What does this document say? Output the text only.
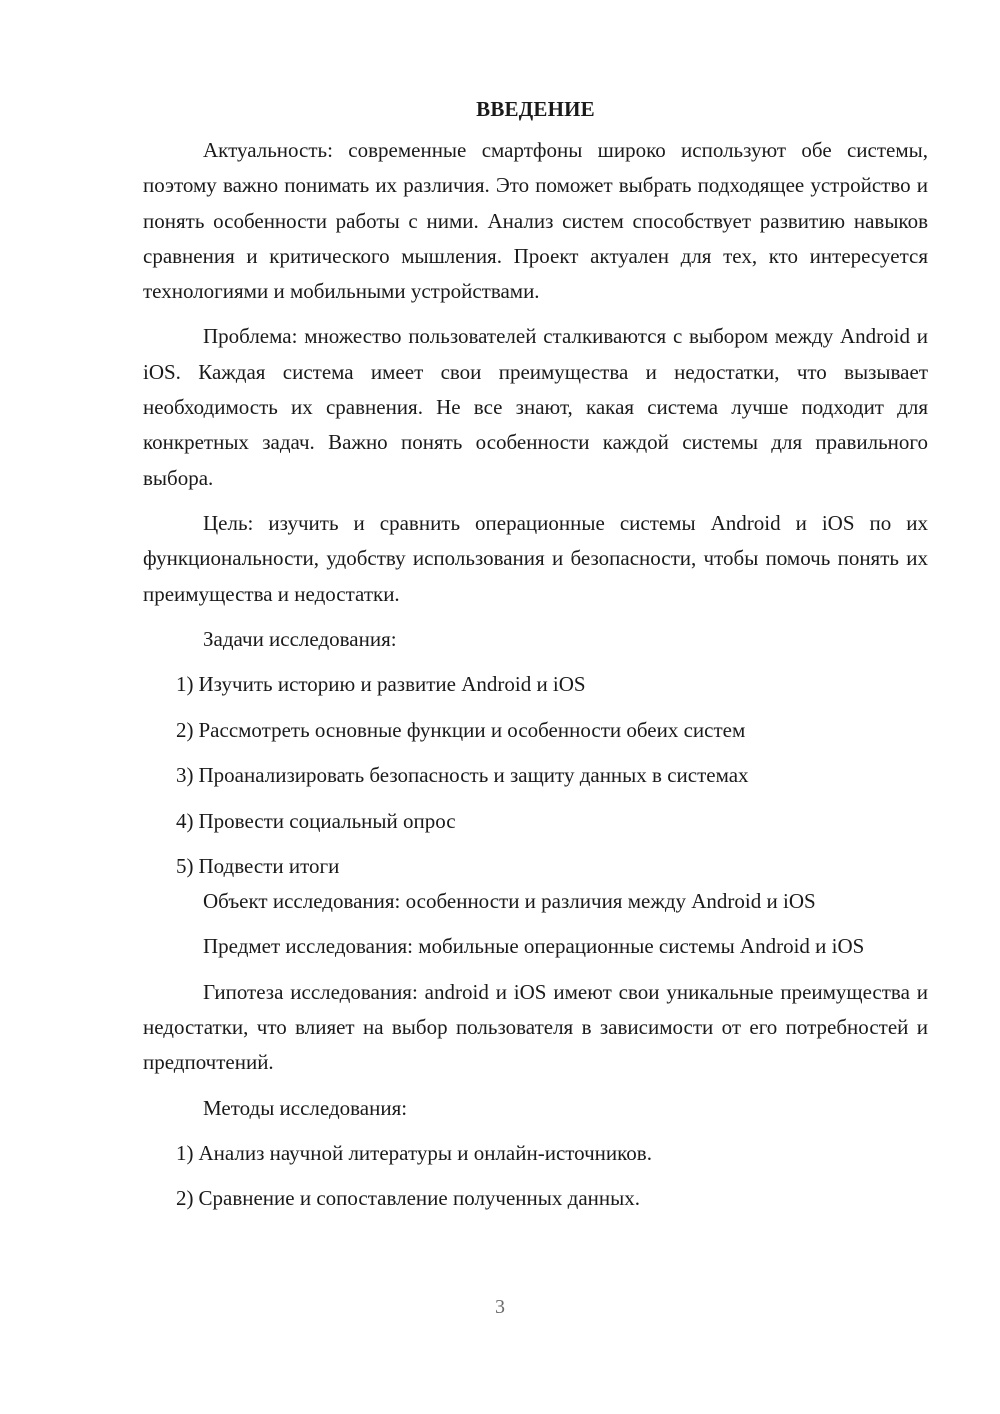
ВВЕДЕНИЕ

Актуальность: современные смартфоны широко используют обе системы, поэтому важно понимать их различия. Это поможет выбрать подходящее устройство и понять особенности работы с ними. Анализ систем способствует развитию навыков сравнения и критического мышления. Проект актуален для тех, кто интересуется технологиями и мобильными устройствами.

Проблема: множество пользователей сталкиваются с выбором между Android и iOS. Каждая система имеет свои преимущества и недостатки, что вызывает необходимость их сравнения. Не все знают, какая система лучше подходит для конкретных задач. Важно понять особенности каждой системы для правильного выбора.

Цель: изучить и сравнить операционные системы Android и iOS по их функциональности, удобству использования и безопасности, чтобы помочь понять их преимущества и недостатки.

Задачи исследования:

1) Изучить историю и развитие Android и iOS
2) Рассмотреть основные функции и особенности обеих систем
3) Проанализировать безопасность и защиту данных в системах
4) Провести социальный опрос
5) Подвести итоги

Объект исследования: особенности и различия между Android и iOS

Предмет исследования: мобильные операционные системы Android и iOS

Гипотеза исследования: android и iOS имеют свои уникальные преимущества и недостатки, что влияет на выбор пользователя в зависимости от его потребностей и предпочтений.

Методы исследования:

1) Анализ научной литературы и онлайн-источников.
2) Сравнение и сопоставление полученных данных.
3
